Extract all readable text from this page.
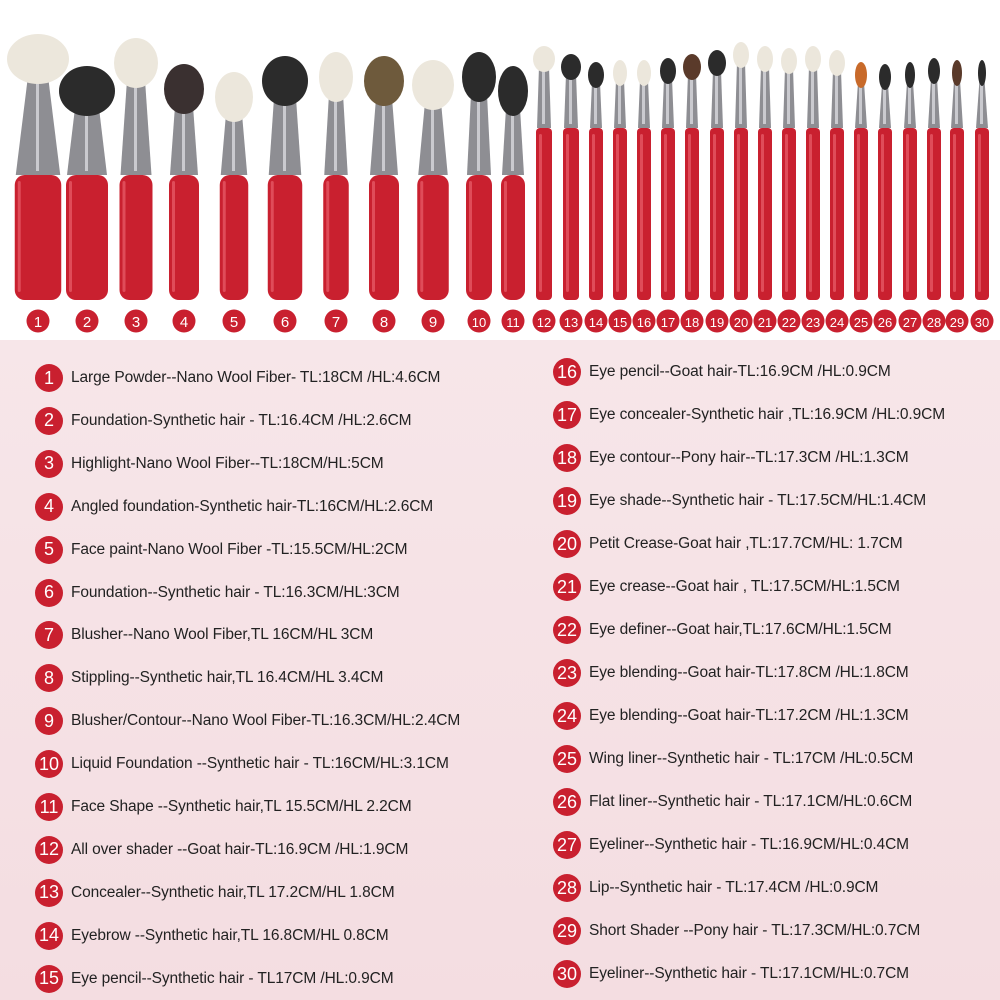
1	2	3	4	5	6	7	8	9	10 11 12 13 14 15 16 17 18 19 20 21 22 23 24 25 26 27 28 29 30
1	Large Powder--Nano Wool Fiber- TL:18CM /HL:4.6CM
2	Foundation-Synthetic hair - TL:16.4CM /HL:2.6CM
3	Highlight-Nano Wool Fiber--TL:18CM/HL:5CM
4	Angled foundation-Synthetic hair-TL:16CM/HL:2.6CM
5	Face paint-Nano Wool Fiber -TL:15.5CM/HL:2CM
6	Foundation--Synthetic hair - TL:16.3CM/HL:3CM
7	Blusher--Nano Wool Fiber,TL 16CM/HL 3CM
8	Stippling--Synthetic hair,TL 16.4CM/HL 3.4CM
9	Blusher/Contour--Nano Wool Fiber-TL:16.3CM/HL:2.4CM
10 Liquid Foundation --Synthetic hair - TL:16CM/HL:3.1CM
11 Face Shape --Synthetic hair,TL 15.5CM/HL 2.2CM
12 All over shader --Goat hair-TL:16.9CM /HL:1.9CM
13 Concealer--Synthetic hair,TL 17.2CM/HL 1.8CM
14 Eyebrow --Synthetic hair,TL 16.8CM/HL 0.8CM
15 Eye pencil--Synthetic hair - TL17CM /HL:0.9CM
16 Eye pencil--Goat hair-TL:16.9CM /HL:0.9CM
17 Eye concealer-Synthetic hair ,TL:16.9CM /HL:0.9CM
18 Eye contour--Pony hair--TL:17.3CM /HL:1.3CM
19 Eye shade--Synthetic hair - TL:17.5CM/HL:1.4CM
20 Petit Crease-Goat hair ,TL:17.7CM/HL: 1.7CM
21 Eye crease--Goat hair , TL:17.5CM/HL:1.5CM
22 Eye definer--Goat hair,TL:17.6CM/HL:1.5CM
23 Eye blending--Goat hair-TL:17.8CM /HL:1.8CM
24 Eye blending--Goat hair-TL:17.2CM /HL:1.3CM
25 Wing liner--Synthetic hair - TL:17CM /HL:0.5CM
26 Flat liner--Synthetic hair - TL:17.1CM/HL:0.6CM
27 Eyeliner--Synthetic hair - TL:16.9CM/HL:0.4CM
28 Lip--Synthetic hair - TL:17.4CM /HL:0.9CM
29 Short Shader --Pony hair - TL:17.3CM/HL:0.7CM
30 Eyeliner--Synthetic hair - TL:17.1CM/HL:0.7CM
